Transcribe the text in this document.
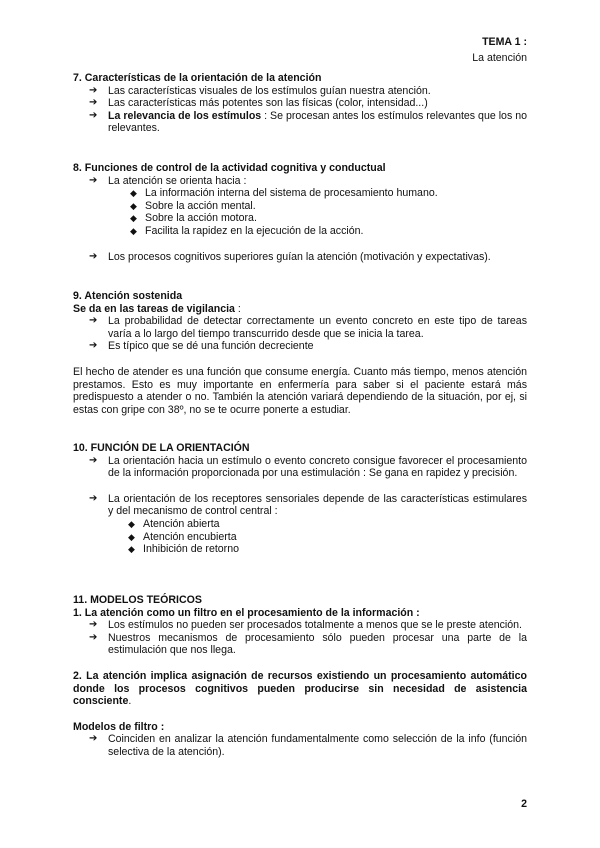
TEMA 1 :
La atención
7. Características de la orientación de la atención
➔ Las características visuales de los estímulos guían nuestra atención.
➔ Las características más potentes son las físicas (color, intensidad...)
➔ La relevancia de los estímulos : Se procesan antes los estímulos relevantes que los no relevantes.
8. Funciones de control de la actividad cognitiva y conductual
➔ La atención se orienta hacia :
◆ La información interna del sistema de procesamiento humano.
◆ Sobre la acción mental.
◆ Sobre la acción motora.
◆ Facilita la rapidez en la ejecución de la acción.
➔ Los procesos cognitivos superiores guían la atención (motivación y expectativas).
9. Atención sostenida
Se da en las tareas de vigilancia :
➔ La probabilidad de detectar correctamente un evento concreto en este tipo de tareas varía a lo largo del tiempo transcurrido desde que se inicia la tarea.
➔ Es típico que se dé una función decreciente
El hecho de atender es una función que consume energía. Cuanto más tiempo, menos atención prestamos. Esto es muy importante en enfermería para saber si el paciente estará más predispuesto a atender o no. También la atención variará dependiendo de la situación, por ej, si estas con gripe con 38º, no se te ocurre ponerte a estudiar.
10. FUNCIÓN DE LA ORIENTACIÓN
➔ La orientación hacia un estímulo o evento concreto consigue favorecer el procesamiento de la información proporcionada por una estimulación : Se gana en rapidez y precisión.
➔ La orientación de los receptores sensoriales depende de las características estimulares y del mecanismo de control central :
◆ Atención abierta
◆ Atención encubierta
◆ Inhibición de retorno
11. MODELOS TEÓRICOS
1. La atención como un filtro en el procesamiento de la información :
➔ Los estímulos no pueden ser procesados totalmente a menos que se le preste atención.
➔ Nuestros mecanismos de procesamiento sólo pueden procesar una parte de la estimulación que nos llega.
2. La atención implica asignación de recursos existiendo un procesamiento automático donde los procesos cognitivos pueden producirse sin necesidad de asistencia consciente.
Modelos de filtro :
➔ Coinciden en analizar la atención fundamentalmente como selección de la info (función selectiva de la atención).
2
